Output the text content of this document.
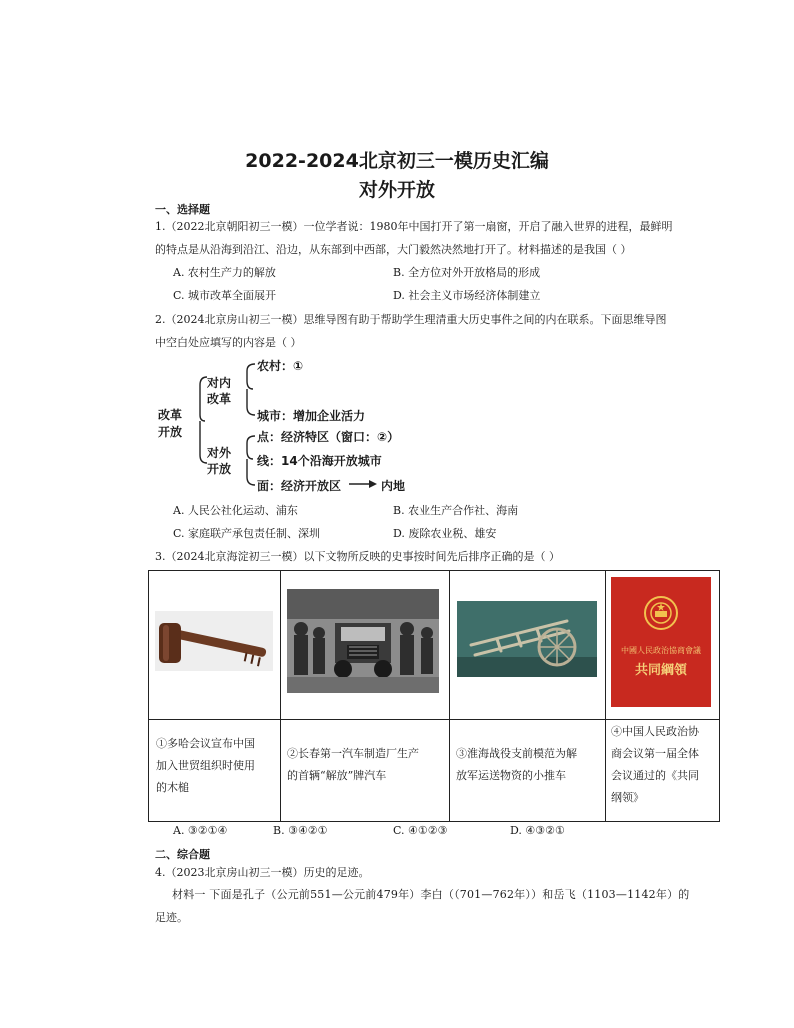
2022-2024北京初三一模历史汇编
对外开放
一、选择题
1.（2022北京朝阳初三一模）一位学者说：1980年中国打开了第一扇窗，开启了融入世界的进程，最鲜明
的特点是从沿海到沿江、沿边，从东部到中西部，大门毅然决然地打开了。材料描述的是我国（ ）
A. 农村生产力的解放	B. 全方位对外开放格局的形成
C. 城市改革全面展开	D. 社会主义市场经济体制建立
2.（2024北京房山初三一模）思维导图有助于帮助学生理清重大历史事件之间的内在联系。下面思维导图
中空白处应填写的内容是（ ）
改革
开放
对内
改革
对外
开放
农村：①
城市：增加企业活力
点：经济特区（窗口：②）
线：14个沿海开放城市
面：经济开放区	内地
A. 人民公社化运动、浦东	B. 农业生产合作社、海南
C. 家庭联产承包责任制、深圳	D. 废除农业税、雄安
3.（2024北京海淀初三一模）以下文物所反映的史事按时间先后排序正确的是（ ）
中國人民政治協商會議
共同綱領
①多哈会议宣布中国
加入世贸组织时使用
的木槌
②长春第一汽车制造厂生产
的首辆“解放”牌汽车
③淮海战役支前模范为解
放军运送物资的小推车
④中国人民政治协
商会议第一届全体
会议通过的《共同
纲领》
A. ③②①④	B. ③④②①	C. ④①②③	D. ④③②①
二、综合题
4.（2023北京房山初三一模）历史的足迹。
材料一 下面是孔子（公元前551—公元前479年）李白（（701—762年））和岳飞（1103—1142年）的
足迹。
